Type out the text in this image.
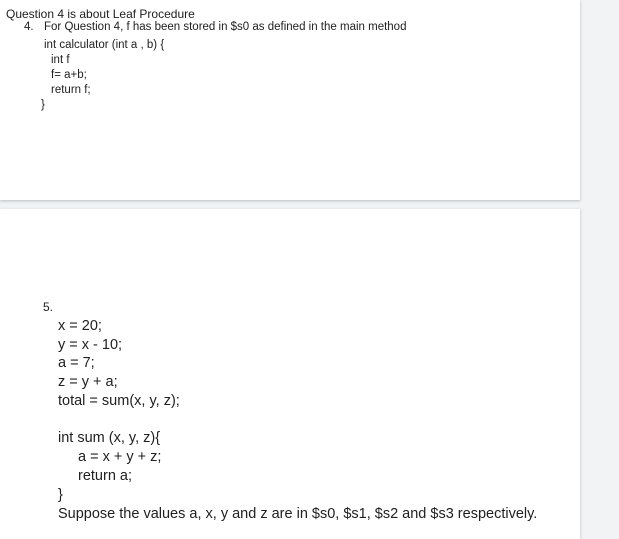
Question 4 is about Leaf Procedure
4. For Question 4, f has been stored in $s0 as defined in the main method
int calculator (int a , b) {
int f
f= a+b;
return f;
}
5.
x = 20;
y = x - 10;
a = 7;
z = y + a;
total = sum(x, y, z);
int sum (x, y, z){
a = x + y + z;
return a;
}
Suppose the values a, x, y and z are in $s0, $s1, $s2 and $s3 respectively.
